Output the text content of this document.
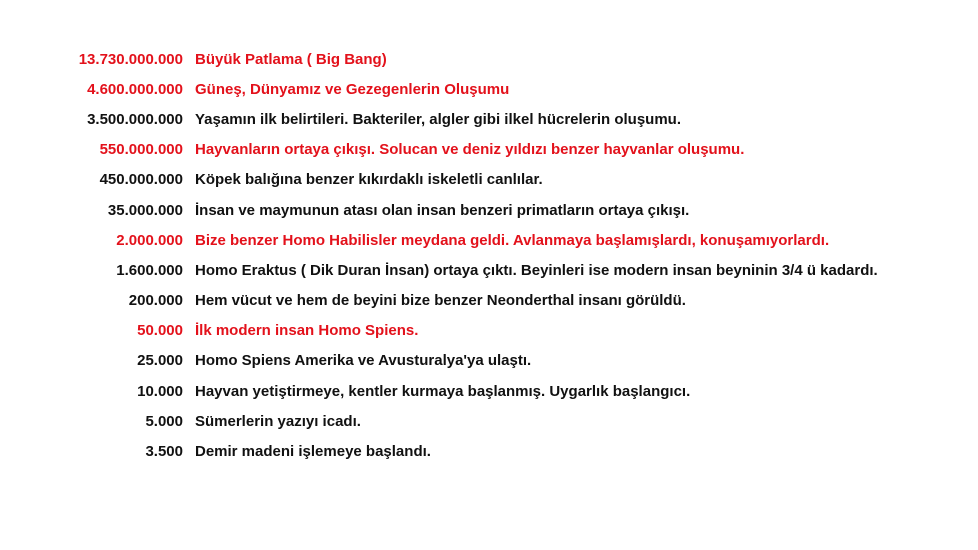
13.730.000.000 Büyük Patlama ( Big Bang)
4.600.000.000 Güneş, Dünyamız ve Gezegenlerin Oluşumu
3.500.000.000 Yaşamın ilk belirtileri. Bakteriler, algler gibi ilkel hücrelerin oluşumu.
550.000.000 Hayvanların ortaya çıkışı. Solucan ve deniz yıldızı benzer hayvanlar oluşumu.
450.000.000 Köpek balığına benzer kıkırdaklı iskeletli canlılar.
35.000.000 İnsan ve maymunun atası olan insan benzeri primatların ortaya çıkışı.
2.000.000 Bize benzer Homo Habilisler meydana geldi. Avlanmaya başlamışlardı, konuşamıyorlardı.
1.600.000 Homo Eraktus ( Dik Duran İnsan) ortaya çıktı. Beyinleri ise modern insan beyninin 3/4 ü kadardı.
200.000 Hem vücut ve hem de beyini bize benzer Neonderthal insanı görüldü.
50.000 İlk modern insan Homo Spiens.
25.000 Homo Spiens Amerika ve Avusturalya'ya ulaştı.
10.000 Hayvan yetiştirmeye, kentler kurmaya başlanmış. Uygarlık başlangıcı.
5.000 Sümerlerin yazıyı icadı.
3.500 Demir madeni işlemeye başlandı.
